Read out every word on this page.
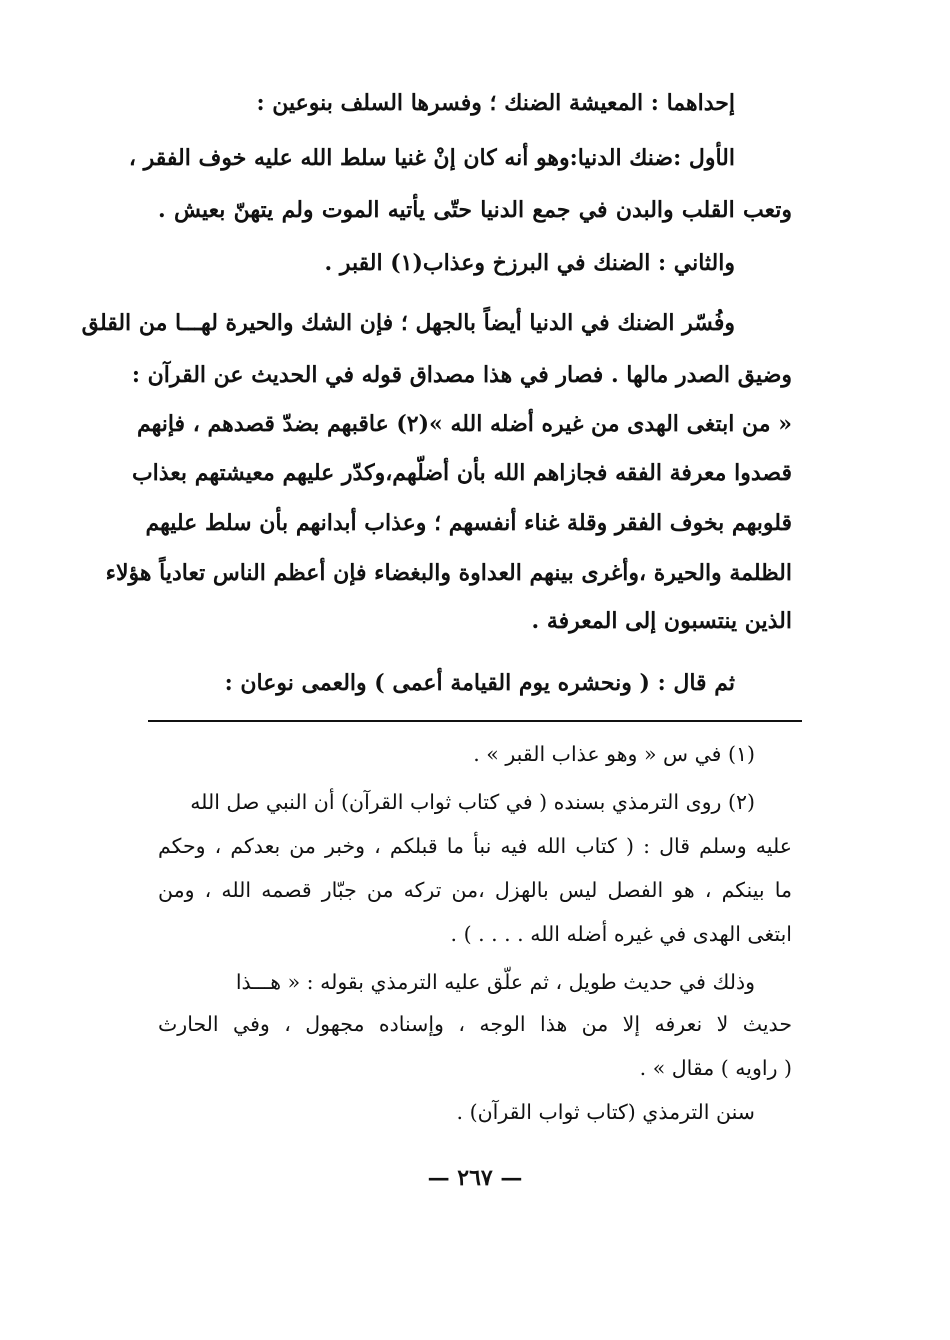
إحداهما : المعيشة الضنك ؛ وفسرها السلف بنوعين :
الأول :ضنك الدنيا:وهو أنه كان إنْ غنيا سلط الله عليه خوف الفقر ،
وتعب القلب والبدن في جمع الدنيا حتّى يأتيه الموت ولم يتهنّ بعيش .
والثاني : الضنك في البرزخ وعذاب(١) القبر .
وفُسّر الضنك في الدنيا أيضاً بالجهل ؛ فإن الشك والحيرة لهـــا من القلق
وضيق الصدر مالها . فصار في هذا مصداق قوله في الحديث عن القرآن :
« من ابتغى الهدى من غيره أضله الله »(٢) عاقبهم بضدّ قصدهم ، فإنهم
قصدوا معرفة الفقه فجازاهم الله بأن أضلّهم،وكدّر عليهم معيشتهم بعذاب
قلوبهم بخوف الفقر وقلة غناء أنفسهم ؛ وعذاب أبدانهم بأن سلط عليهم
الظلمة والحيرة ،وأغرى بينهم العداوة والبغضاء فإن أعظم الناس تعادياً هؤلاء
الذين ينتسبون إلى المعرفة .
ثم قال : ( ونحشره يوم القيامة أعمى ) والعمى نوعان :
(١) في س « وهو عذاب القبر » .
(٢) روى الترمذي بسنده ( في كتاب ثواب القرآن) أن النبي صل الله
عليه وسلم قال : ( كتاب الله فيه نبأ ما قبلكم ، وخبر من بعدكم ، وحكم
ما بينكم ، هو الفصل ليس بالهزل ،من تركه من جبّار قصمه الله ، ومن
ابتغى الهدى في غيره أضله الله . . . . ) .
وذلك في حديث طويل ، ثم علّق عليه الترمذي بقوله : « هـــذا
حديث لا نعرفه إلا من هذا الوجه ، وإسناده مجهول ، وفي الحارث
( راويه ) مقال » .
سنن الترمذي (كتاب ثواب القرآن) .
— ٢٦٧ —
